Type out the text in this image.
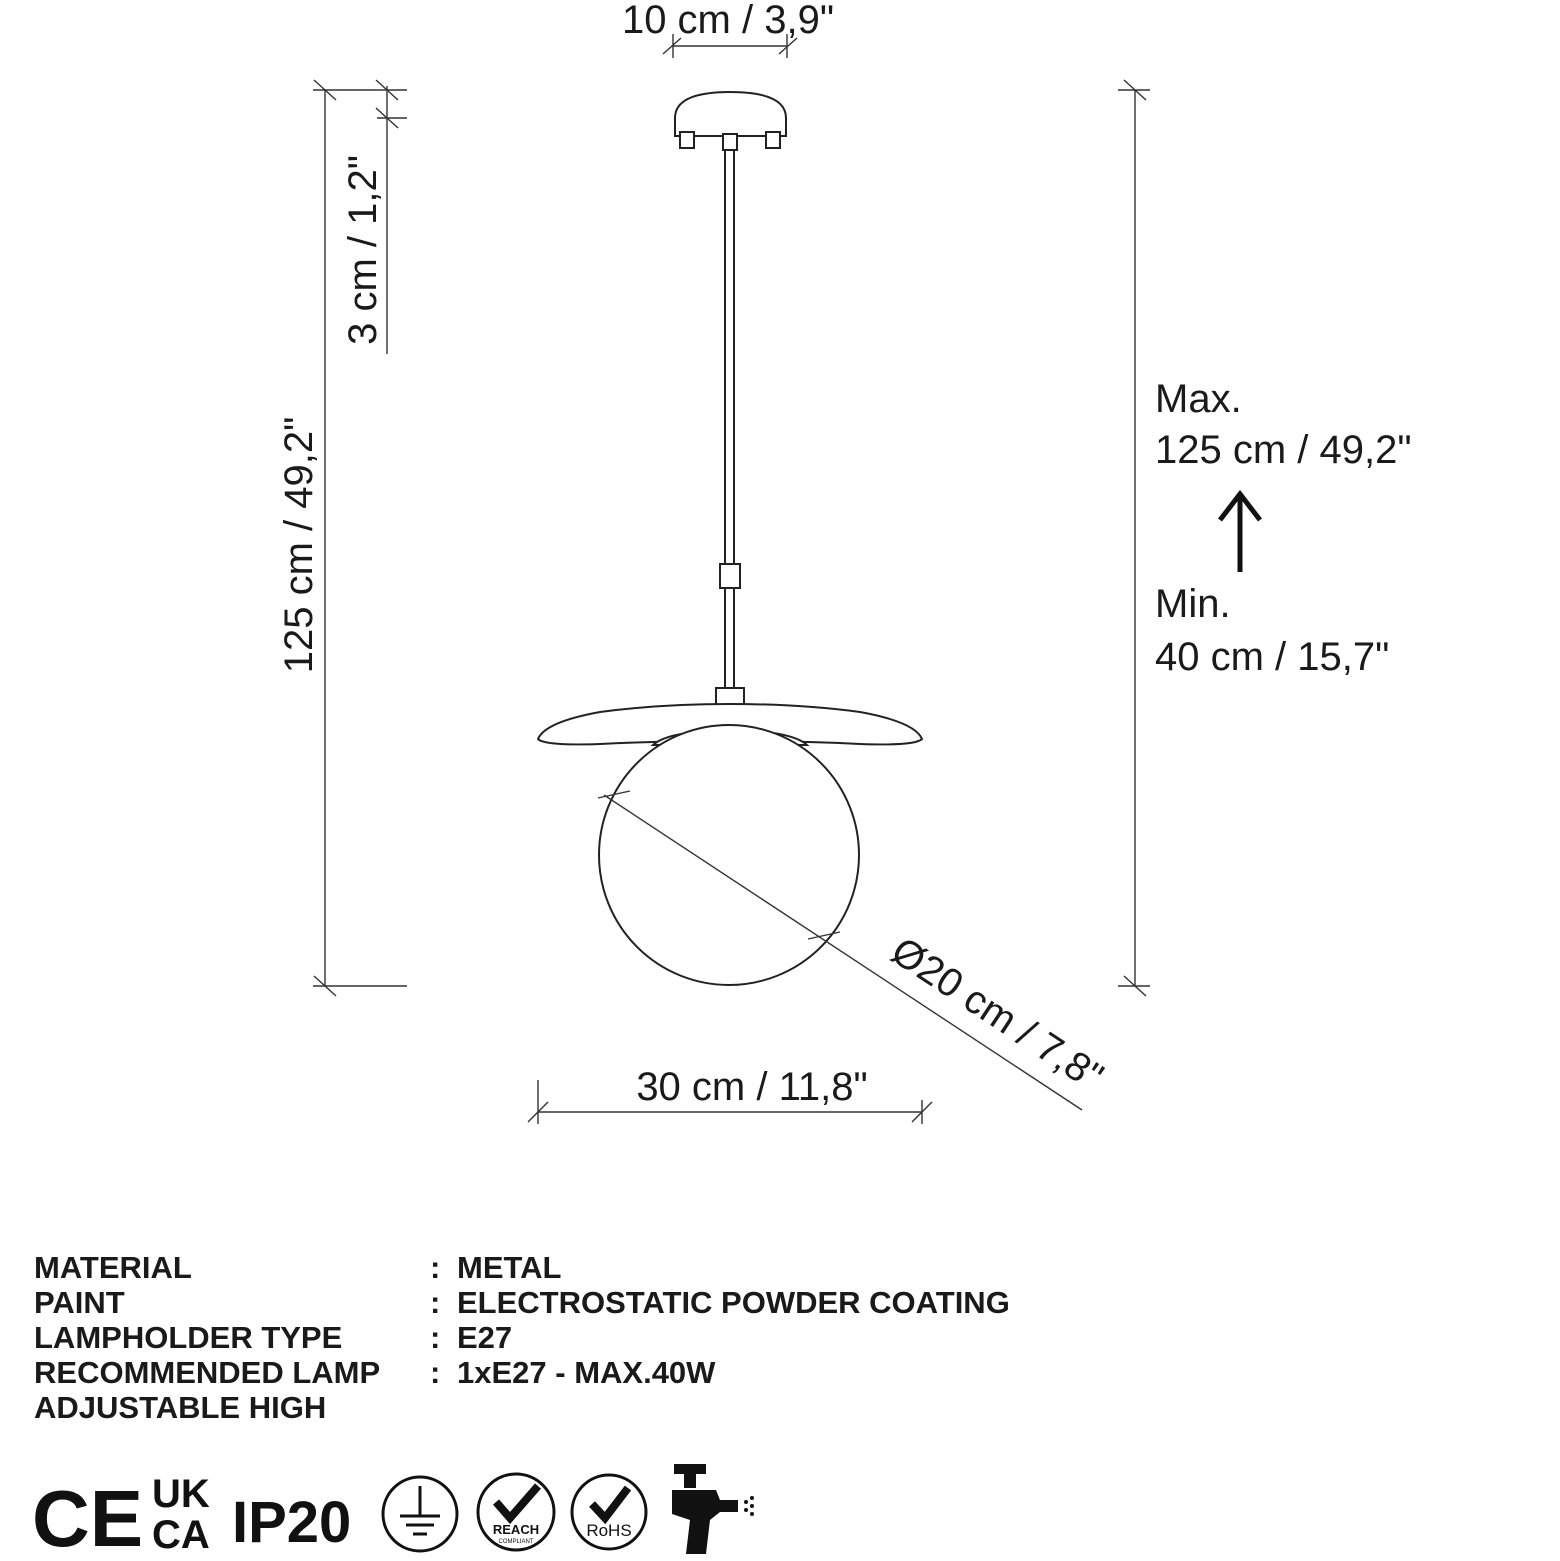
10 cm / 3,9"
125 cm / 49,2"
3 cm / 1,2"
Max.
125 cm / 49,2"
Min.
40 cm / 15,7"
Ø20 cm / 7,8"
30 cm / 11,8"
MATERIAL	: METAL
PAINT	: ELECTROSTATIC POWDER COATING
LAMPHOLDER TYPE	: E27
RECOMMENDED LAMP	: 1xE27 - MAX.40W
ADJUSTABLE HIGH
CE UK
CA IP20	REACH
COMPLIANT
RoHS
